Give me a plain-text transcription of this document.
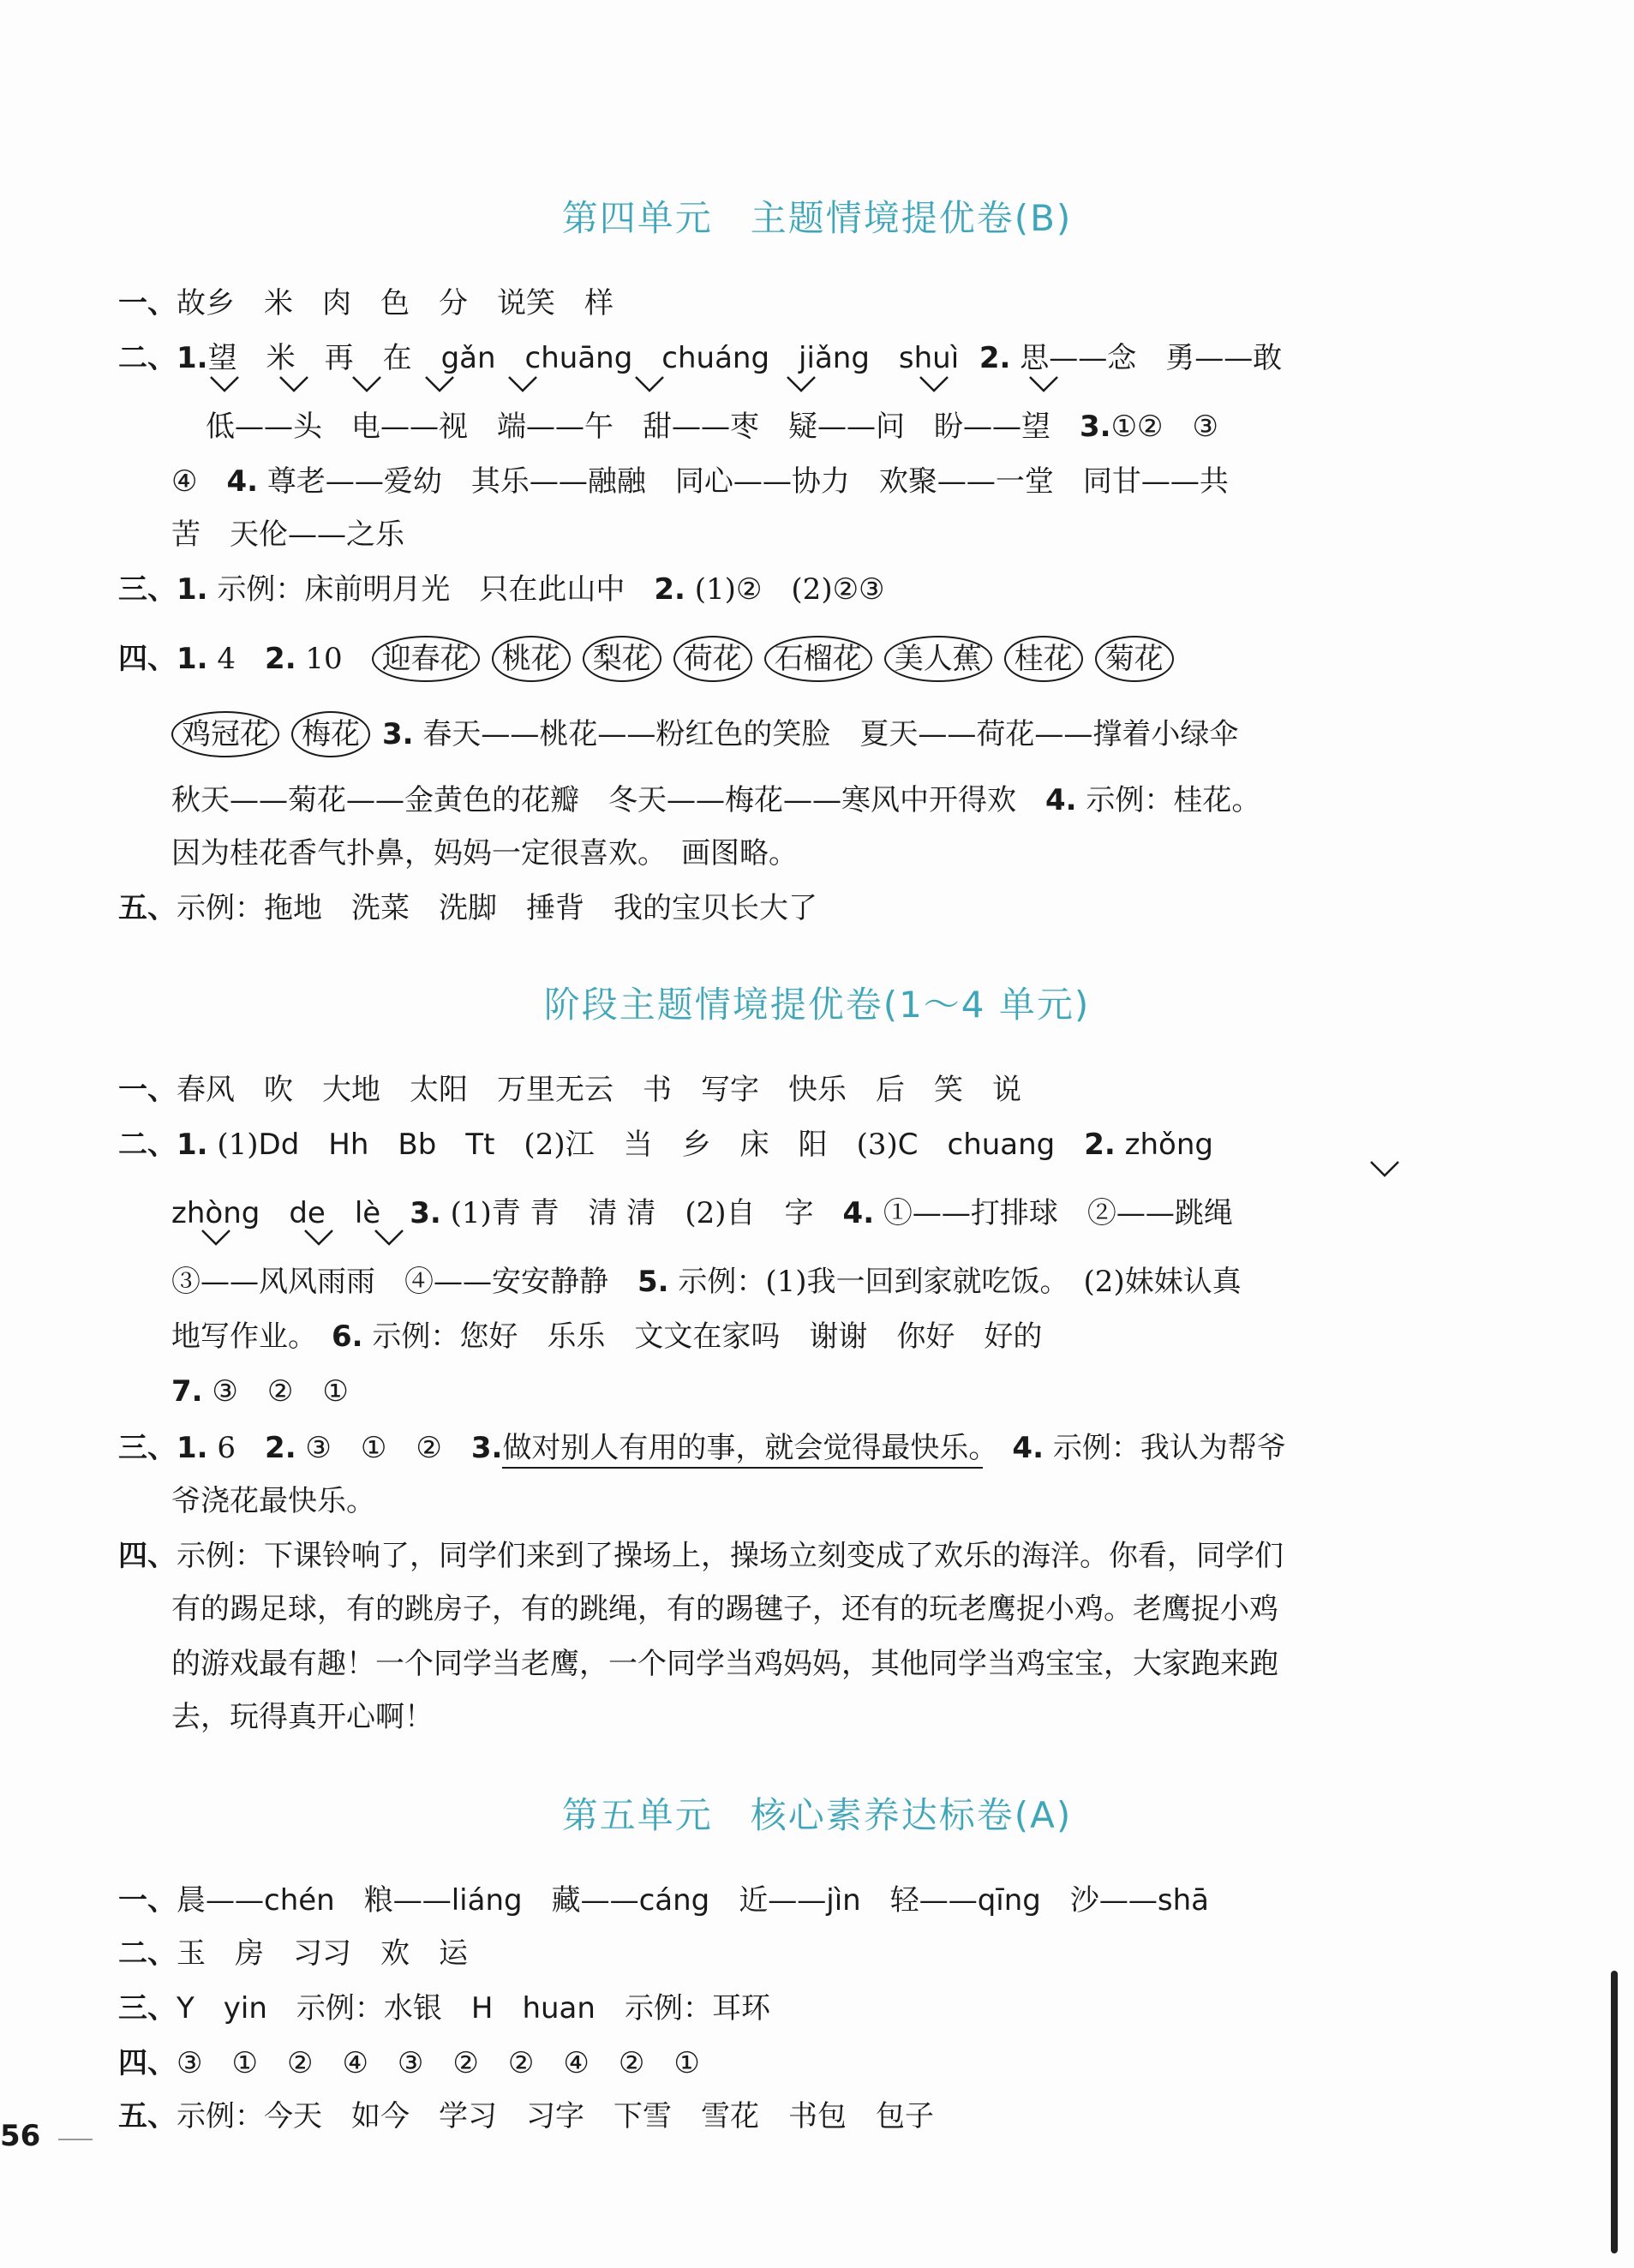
第四单元　主题情境提优卷(B)
一、故乡　米　肉　色　分　说笑　样
二、1.望　米　再　在　gǎn　chuāng　chuáng　jiǎng　shuì  2. 思——念　勇——敢
低——头　电——视　端——午　甜——枣　疑——问　盼——望　3.①②　③
④　4. 尊老——爱幼　其乐——融融　同心——协力　欢聚——一堂　同甘——共
苦　天伦——之乐
三、1. 示例：床前明月光　只在此山中　2. (1)②　(2)②③
四、1. 4　2. 10　迎春花 桃花 梨花 荷花 石榴花 美人蕉 桂花 菊花
鸡冠花 梅花 3. 春天——桃花——粉红色的笑脸　夏天——荷花——撑着小绿伞
秋天——菊花——金黄色的花瓣　冬天——梅花——寒风中开得欢　4. 示例：桂花。
因为桂花香气扑鼻，妈妈一定很喜欢。　画图略。
五、示例：拖地　洗菜　洗脚　捶背　我的宝贝长大了
阶段主题情境提优卷(1～4 单元)
一、春风　吹　大地　太阳　万里无云　书　写字　快乐　后　笑　说
二、1. (1)Dd　Hh　Bb　Tt　(2)江　当　乡　床　阳　(3)C　chuang　2. zhǒng
zhòng　de　lè　3. (1)青 青　清 清　(2)自　字　4. ①——打排球　②——跳绳
③——风风雨雨　④——安安静静　5. 示例：(1)我一回到家就吃饭。　(2)妹妹认真
地写作业。　6. 示例：您好　乐乐　文文在家吗　谢谢　你好　好的
7. ③　②　①
三、1. 6　2. ③　①　②　3.做对别人有用的事，就会觉得最快乐。　4. 示例：我认为帮爷
爷浇花最快乐。
四、示例：下课铃响了，同学们来到了操场上，操场立刻变成了欢乐的海洋。你看，同学们
有的踢足球，有的跳房子，有的跳绳，有的踢毽子，还有的玩老鹰捉小鸡。老鹰捉小鸡
的游戏最有趣！一个同学当老鹰，一个同学当鸡妈妈，其他同学当鸡宝宝，大家跑来跑
去，玩得真开心啊！
第五单元　核心素养达标卷(A)
一、晨——chén　粮——liáng　藏——cáng　近——jìn　轻——qīng　沙——shā
二、玉　房　习习　欢　运
三、Y　yin　示例：水银　H　huan　示例：耳环
四、③　①　②　④　③　②　②　④　②　①
五、示例：今天　如今　学习　习字　下雪　雪花　书包　包子
56
